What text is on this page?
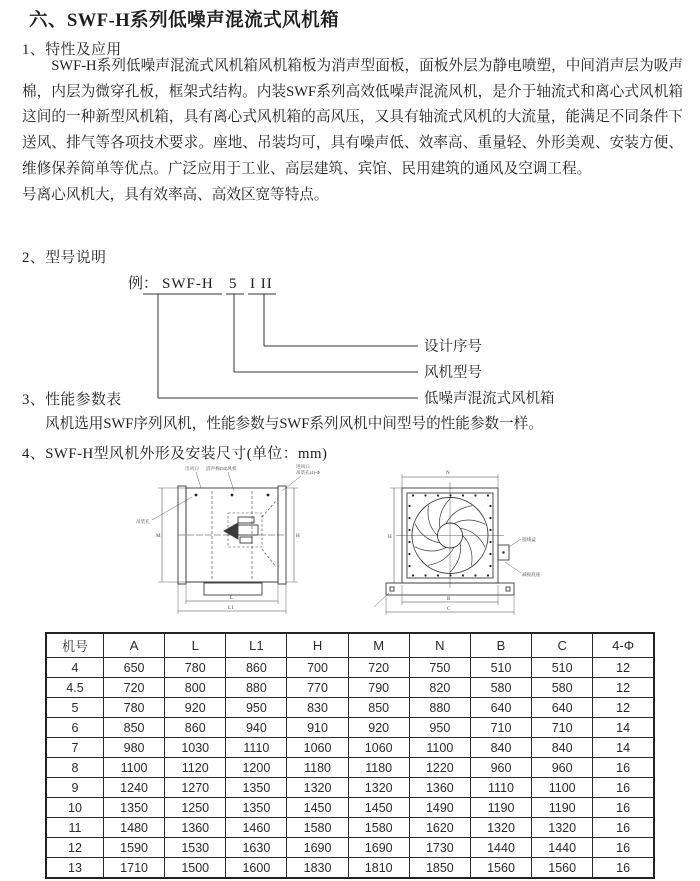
六、SWF-H系列低噪声混流式风机箱
1、特性及应用

SWF-H系列低噪声混流式风机箱风机箱板为消声型面板，面板外层为静电喷塑，中间消声层为吸声棉，内层为微穿孔板，框架式结构。内装SWF系列高效低噪声混流风机，是介于轴流式和离心式风机箱这间的一种新型风机箱，具有离心式风机箱的高风压，又具有轴流式风机的大流量，能满足不同条件下送风、排气等各项技术要求。座地、吊装均可，具有噪声低、效率高、重量轻、外形美观、安装方便、维修保养简单等优点。广泛应用于工业、高层建筑、宾馆、民用建筑的通风及空调工程。

号离心风机大，具有效率高、高效区宽等特点。

2、型号说明
例： SWF-H 5 I II
设计序号
风机型号
低噪声混流式风机箱
3、性能参数表
风机选用SWF序列风机，性能参数与SWF系列风机中间型号的性能参数一样。
4、SWF-H型风机外形及安装尺寸(单位：mm)
出风口 消声棉(50)风机	进风口
吊装孔(4)-Φ
吊装孔
M	H
L
L1
N
H
B
C
接线盒
减振底座
机号	A	L	L1	H	M	N	B	C	4-Φ
4	650	780	860	700	720	750	510	510	12
4.5	720	800	880	770	790	820	580	580	12
5	780	920	950	830	850	880	640	640	12
6	850	860	940	910	920	950	710	710	14
7	980	1030	1110	1060	1060	1100	840	840	14
8	1100	1120	1200	1180	1180	1220	960	960	16
9	1240	1270	1350	1320	1320	1360	1110	1100	16
10	1350	1250	1350	1450	1450	1490	1190	1190	16
11	1480	1360	1460	1580	1580	1620	1320	1320	16
12	1590	1530	1630	1690	1690	1730	1440	1440	16
13	1710	1500	1600	1830	1810	1850	1560	1560	16
